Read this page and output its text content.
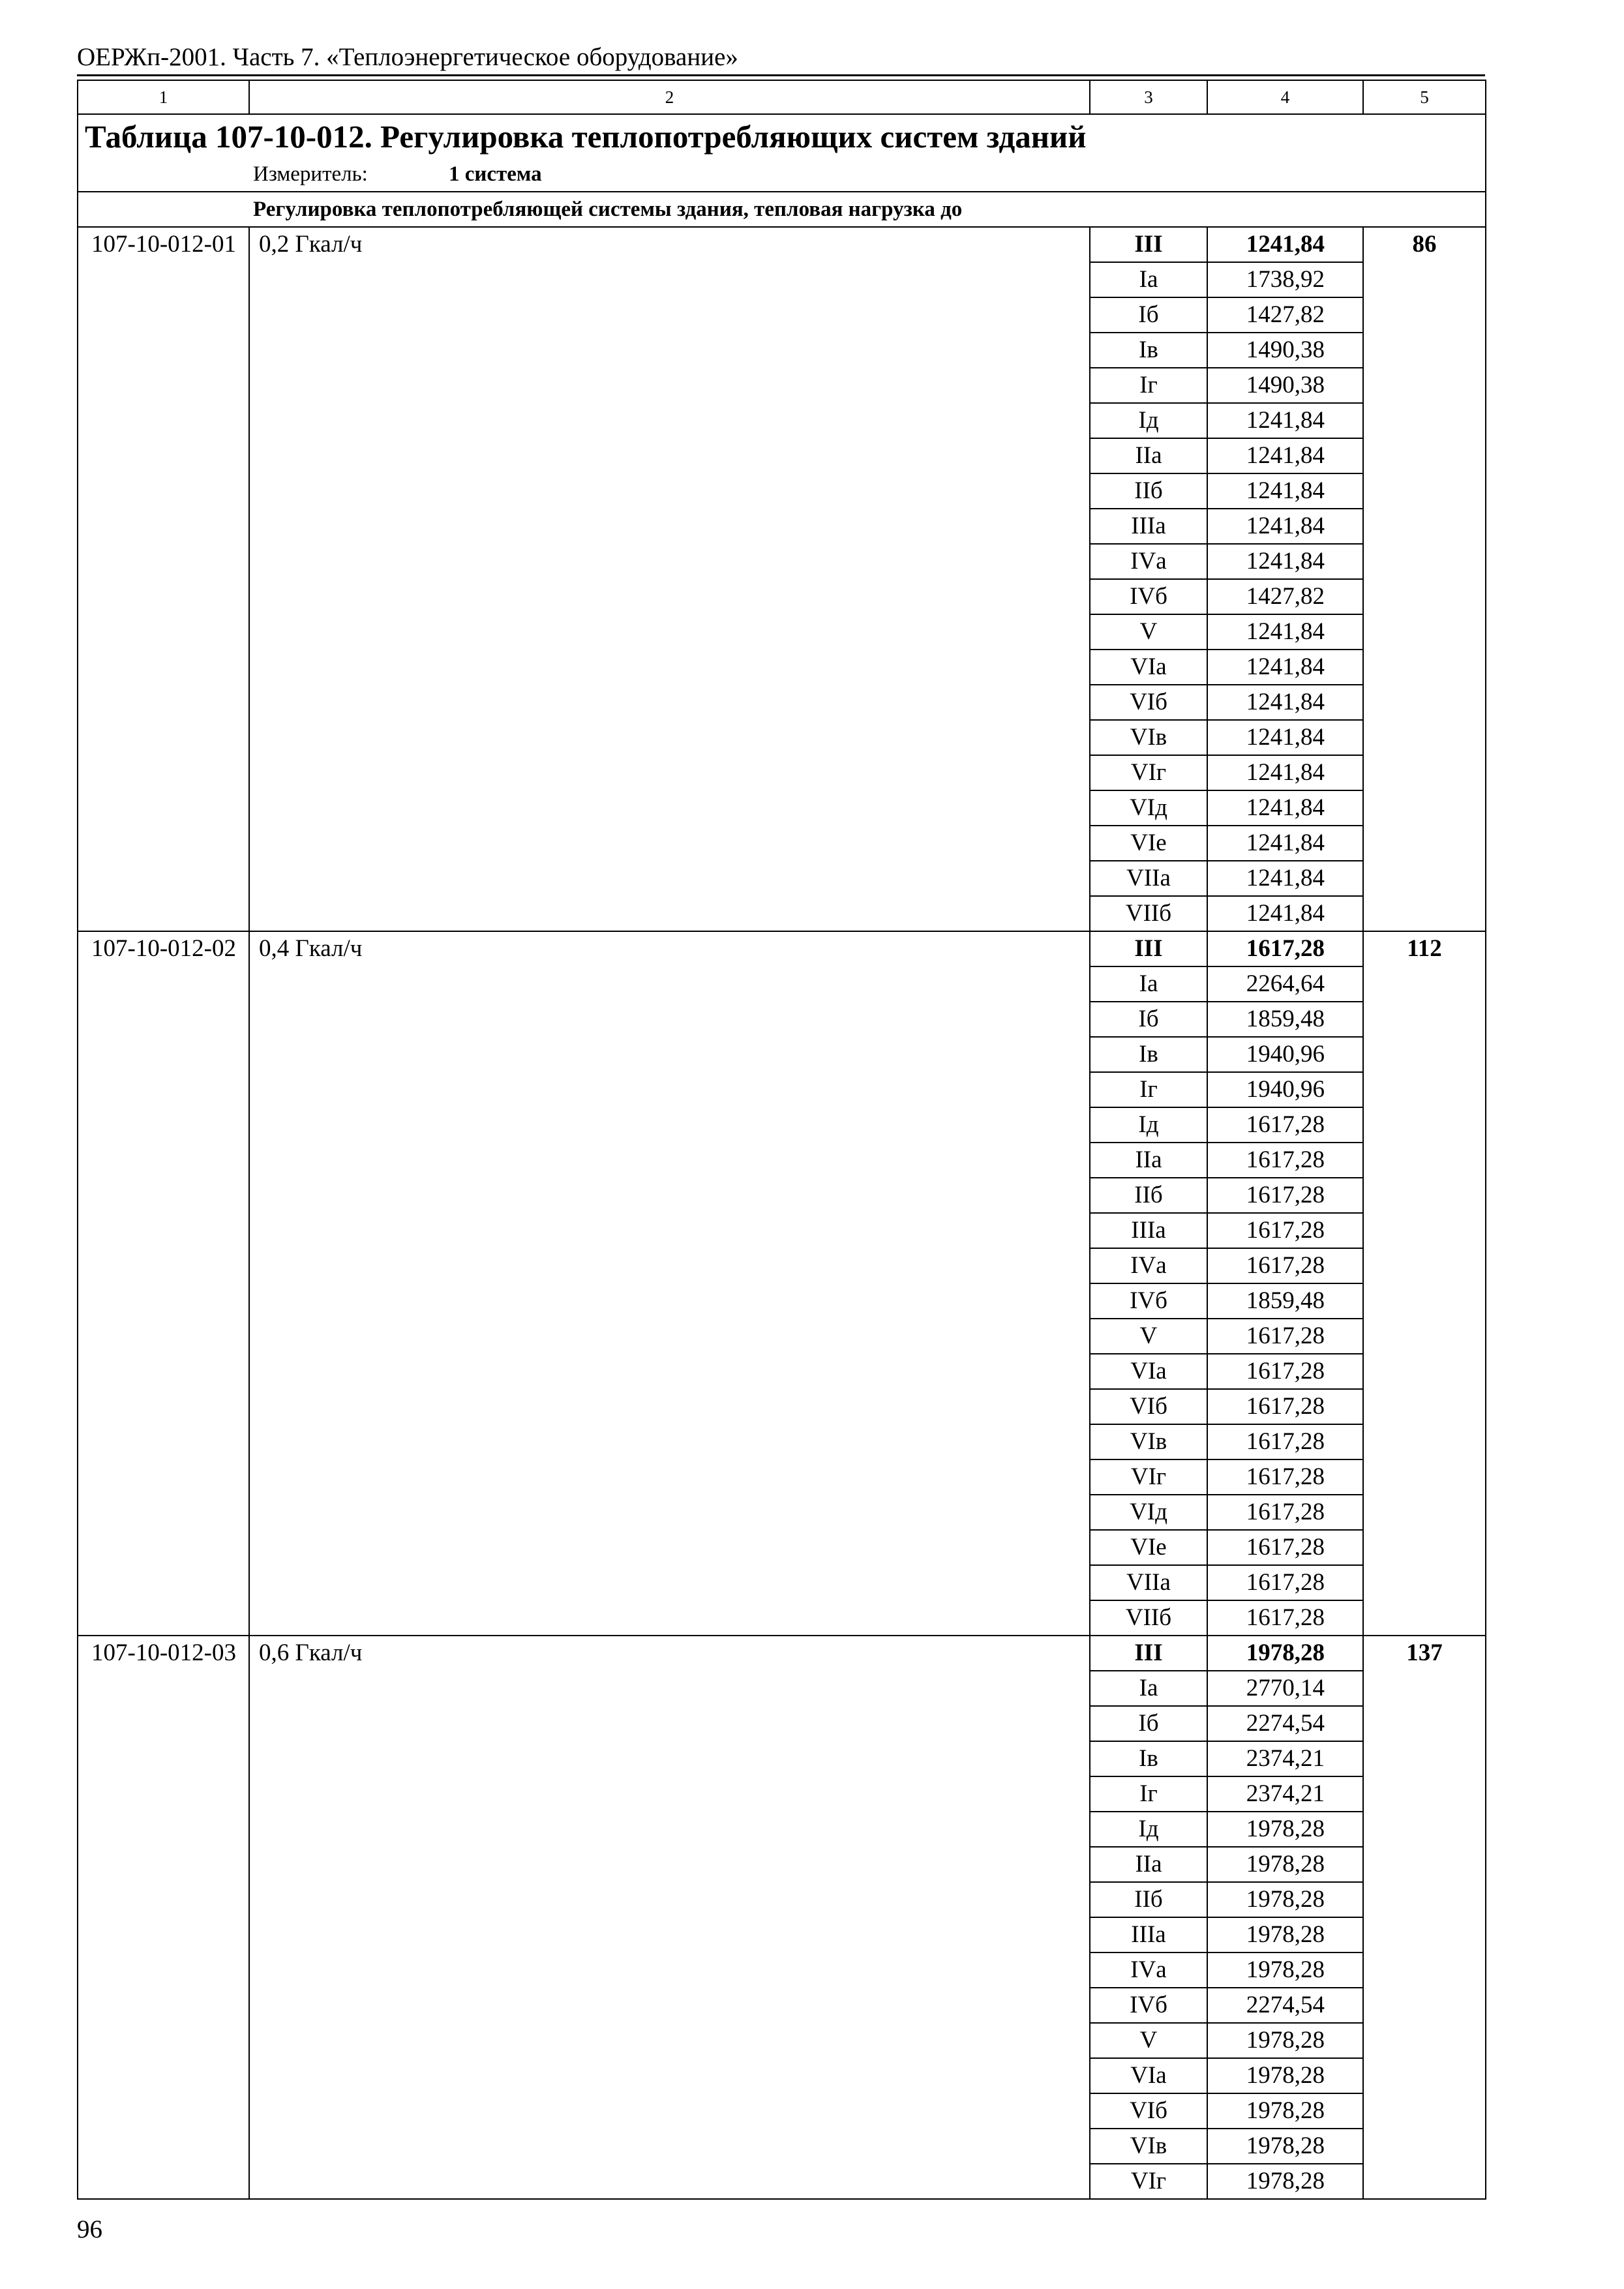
ОЕРЖп-2001. Часть 7. «Теплоэнергетическое оборудование»
1	2	3	4	5

Таблица 107-10-012. Регулировка теплопотребляющих систем зданий
Измеритель: 1 система				

Регулировка теплопотребляющей системы здания, тепловая нагрузка до				

107-10-012-01	0,2 Гкал/ч	III	1241,84	86
		Iа	1738,92	
		Iб	1427,82	
		Iв	1490,38	
		Iг	1490,38	
		Iд	1241,84	
		IIа	1241,84	
		IIб	1241,84	
		IIIа	1241,84	
		IVа	1241,84	
		IVб	1427,82	
		V	1241,84	
		VIа	1241,84	
		VIб	1241,84	
		VIв	1241,84	
		VIг	1241,84	
		VIд	1241,84	
		VIе	1241,84	
		VIIа	1241,84	
		VIIб	1241,84	
107-10-012-02	0,4 Гкал/ч	III	1617,28	112
		Iа	2264,64	
		Iб	1859,48	
		Iв	1940,96	
		Iг	1940,96	
		Iд	1617,28	
		IIа	1617,28	
		IIб	1617,28	
		IIIа	1617,28	
		IVа	1617,28	
		IVб	1859,48	
		V	1617,28	
		VIа	1617,28	
		VIб	1617,28	
		VIв	1617,28	
		VIг	1617,28	
		VIд	1617,28	
		VIе	1617,28	
		VIIа	1617,28	
		VIIб	1617,28	
107-10-012-03	0,6 Гкал/ч	III	1978,28	137
		Iа	2770,14	
		Iб	2274,54	
		Iв	2374,21	
		Iг	2374,21	
		Iд	1978,28	
		IIа	1978,28	
		IIб	1978,28	
		IIIа	1978,28	
		IVа	1978,28	
		IVб	2274,54	
		V	1978,28	
		VIа	1978,28	
		VIб	1978,28	
		VIв	1978,28	
		VIг	1978,28	
96
